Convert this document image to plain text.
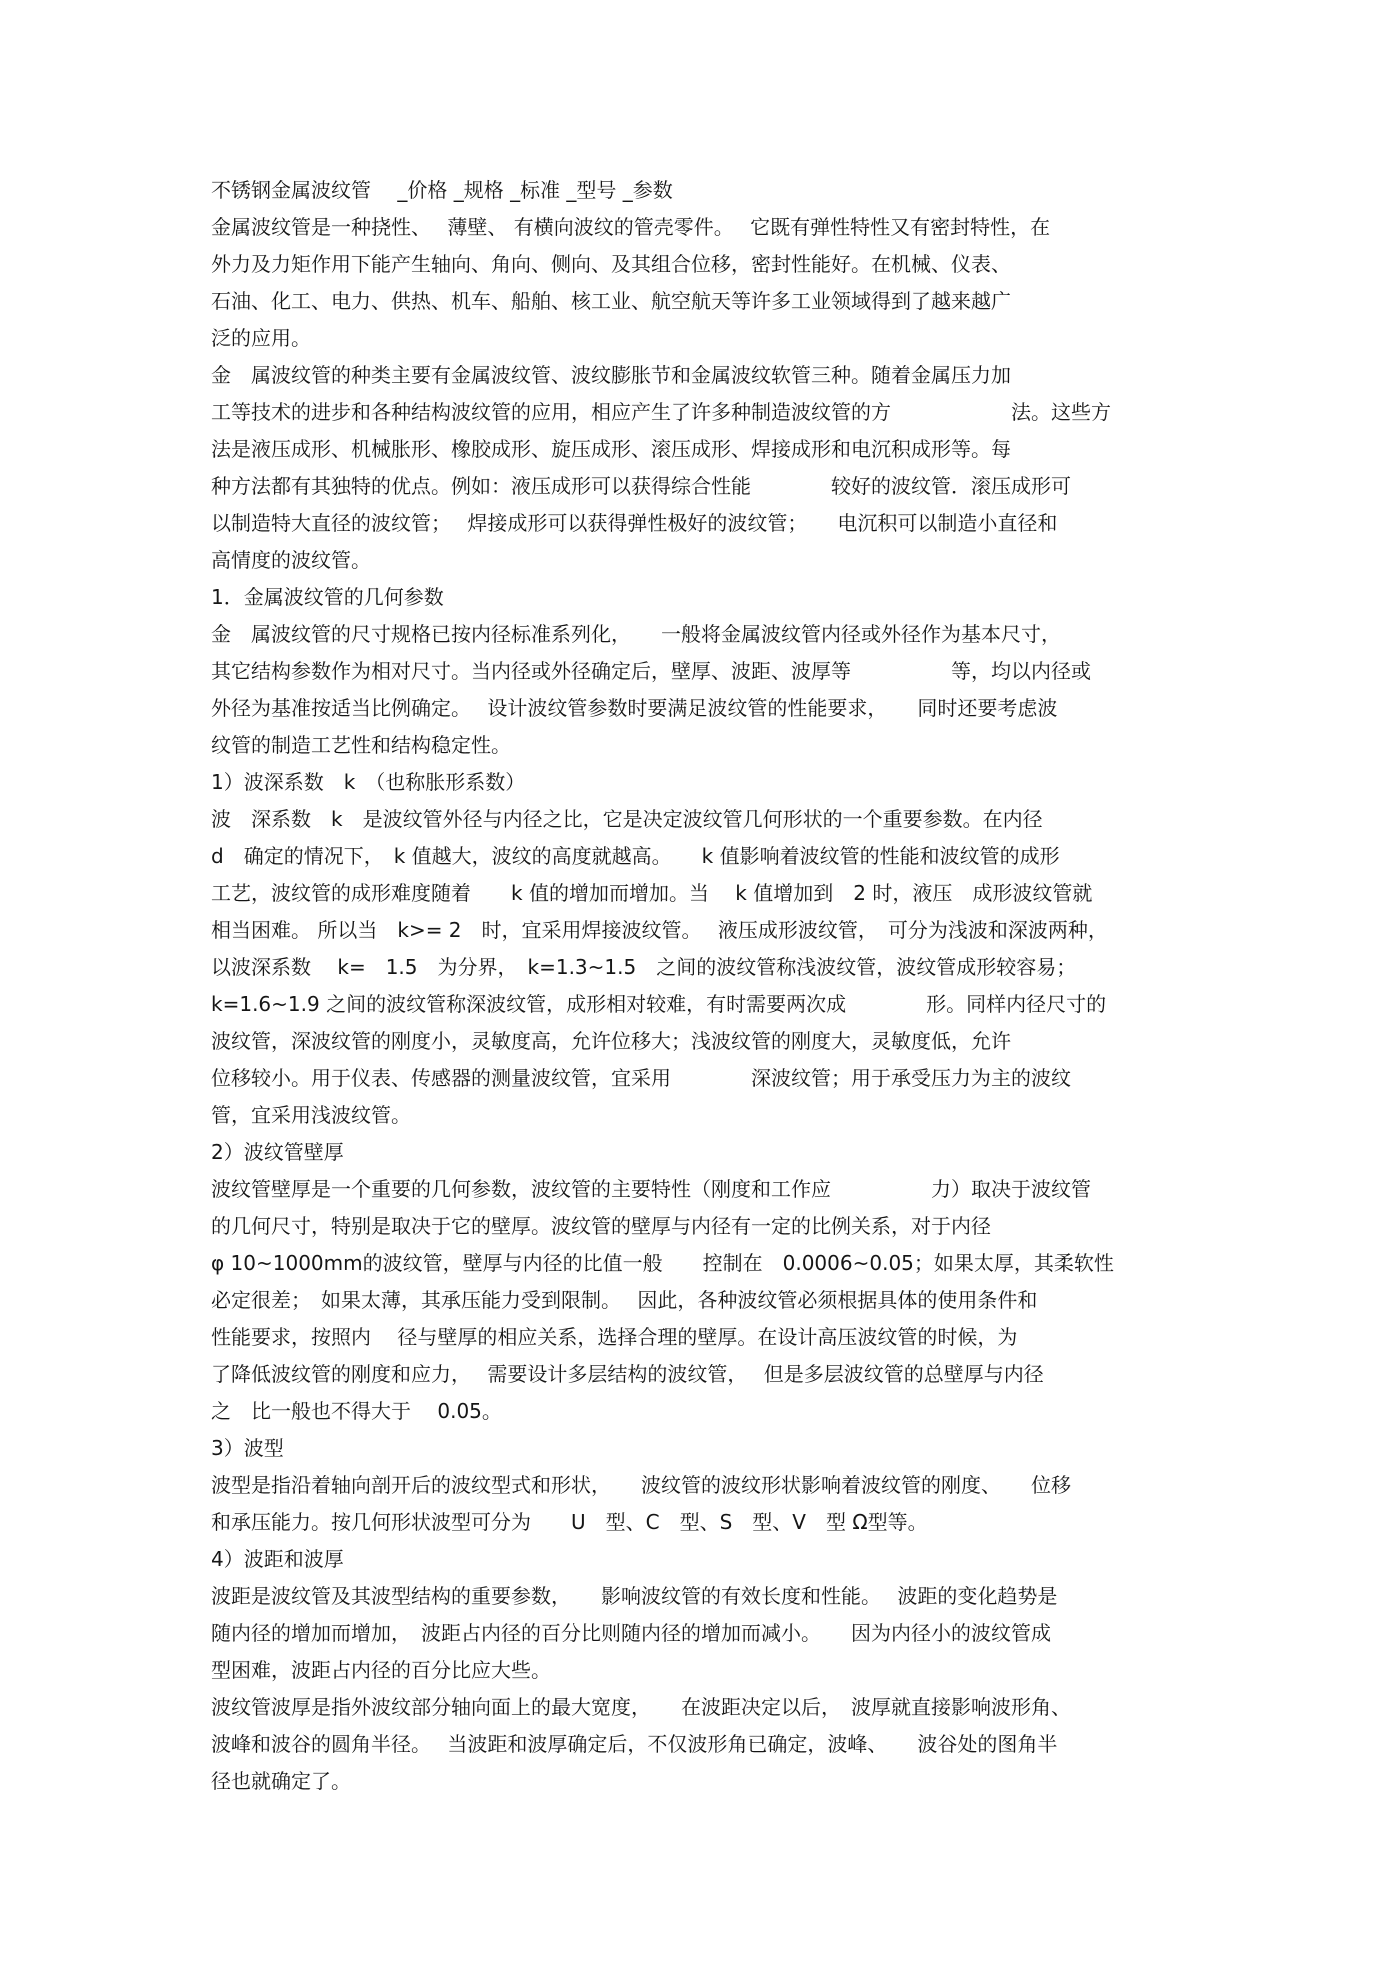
不锈钢金属波纹管　 _价格 _规格 _标准 _型号 _参数
金属波纹管是一种挠性、　 薄壁、 有横向波纹的管壳零件。　 它既有弹性特性又有密封特性，在
外力及力矩作用下能产生轴向、角向、侧向、及其组合位移，密封性能好。在机械、仪表、
石油、化工、电力、供热、机车、船舶、核工业、航空航天等许多工业领域得到了越来越广
泛的应用。
金　属波纹管的种类主要有金属波纹管、波纹膨胀节和金属波纹软管三种。随着金属压力加
工等技术的进步和各种结构波纹管的应用，相应产生了许多种制造波纹管的方　　　　　　法。这些方
法是液压成形、机械胀形、橡胶成形、旋压成形、滚压成形、焊接成形和电沉积成形等。每
种方法都有其独特的优点。例如：液压成形可以获得综合性能　　　　较好的波纹管．滚压成形可
以制造特大直径的波纹管；　 焊接成形可以获得弹性极好的波纹管；　　电沉积可以制造小直径和
高情度的波纹管。
1．金属波纹管的几何参数
金　属波纹管的尺寸规格已按内径标准系列化，　　一般将金属波纹管内径或外径作为基本尺寸，
其它结构参数作为相对尺寸。当内径或外径确定后，壁厚、波距、波厚等　　　　　等，均以内径或
外径为基准按适当比例确定。　 设计波纹管参数时要满足波纹管的性能要求，　　同时还要考虑波
纹管的制造工艺性和结构稳定性。
1）波深系数　k　（也称胀形系数）
波　深系数　k　是波纹管外径与内径之比，它是决定波纹管几何形状的一个重要参数。在内径
d　确定的情况下，　k 值越大，波纹的高度就越高。　　k 值影响着波纹管的性能和波纹管的成形
工艺，波纹管的成形难度随着　　k 值的增加而增加。当　 k 值增加到　2 时，液压　成形波纹管就
相当困难。 所以当　k>= 2　时，宜采用焊接波纹管。　 液压成形波纹管，　可分为浅波和深波两种，
以波深系数　 k=　1.5　为分界，　k=1.3~1.5　之间的波纹管称浅波纹管，波纹管成形较容易；
k=1.6~1.9 之间的波纹管称深波纹管，成形相对较难，有时需要两次成　　　　形。同样内径尺寸的
波纹管，深波纹管的刚度小，灵敏度高，允许位移大；浅波纹管的刚度大，灵敏度低，允许
位移较小。用于仪表、传感器的测量波纹管，宜采用　　　　深波纹管；用于承受压力为主的波纹
管，宜采用浅波纹管。
2）波纹管壁厚
波纹管壁厚是一个重要的几何参数，波纹管的主要特性（刚度和工作应　　　　　力）取决于波纹管
的几何尺寸，特别是取决于它的壁厚。波纹管的壁厚与内径有一定的比例关系，对于内径
φ 10~1000mm的波纹管，壁厚与内径的比值一般　　控制在　0.0006~0.05；如果太厚，其柔软性
必定很差；　如果太薄，其承压能力受到限制。　 因此，各种波纹管必须根据具体的使用条件和
性能要求，按照内　 径与壁厚的相应关系，选择合理的壁厚。在设计高压波纹管的时候，为
了降低波纹管的刚度和应力，　 需要设计多层结构的波纹管，　 但是多层波纹管的总壁厚与内径
之　比一般也不得大于　 0.05。
3）波型
波型是指沿着轴向剖开后的波纹型式和形状，　　波纹管的波纹形状影响着波纹管的刚度、　　位移
和承压能力。按几何形状波型可分为　　U　型、C　型、S　型、V　型 Ω型等。
4）波距和波厚
波距是波纹管及其波型结构的重要参数，　　影响波纹管的有效长度和性能。　 波距的变化趋势是
随内径的增加而增加，　波距占内径的百分比则随内径的增加而减小。　　因为内径小的波纹管成
型困难，波距占内径的百分比应大些。
波纹管波厚是指外波纹部分轴向面上的最大宽度，　　在波距决定以后，　波厚就直接影响波形角、
波峰和波谷的圆角半径。　 当波距和波厚确定后，不仅波形角已确定，波峰、　　波谷处的图角半
径也就确定了。
